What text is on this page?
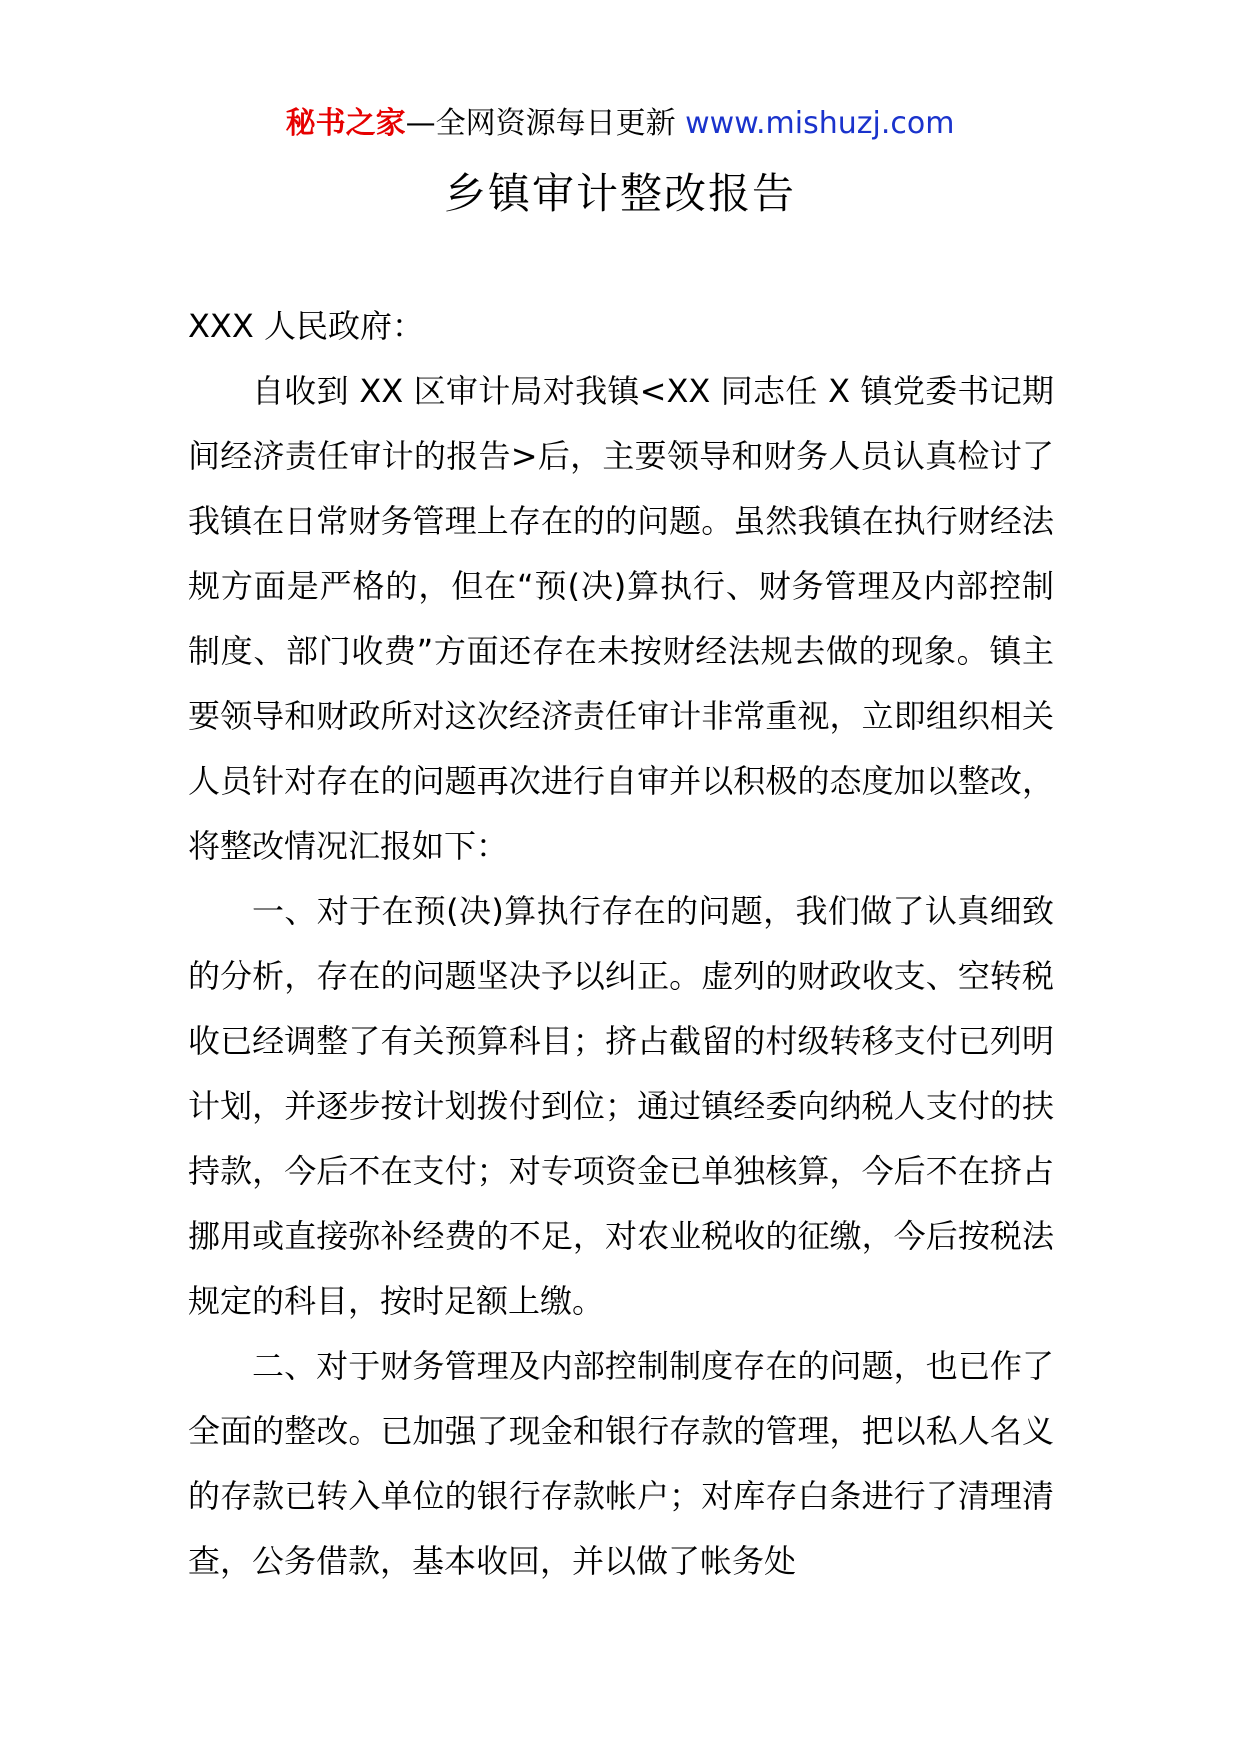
秘书之家—全网资源每日更新 www.mishuzj.com
乡镇审计整改报告

XXX 人民政府：

自收到 XX 区审计局对我镇<XX 同志任 X 镇党委书记期间经济责任审计的报告>后，主要领导和财务人员认真检讨了我镇在日常财务管理上存在的的问题。虽然我镇在执行财经法规方面是严格的，但在“预(决)算执行、财务管理及内部控制制度、部门收费”方面还存在未按财经法规去做的现象。镇主要领导和财政所对这次经济责任审计非常重视，立即组织相关人员针对存在的问题再次进行自审并以积极的态度加以整改，将整改情况汇报如下：

一、对于在预(决)算执行存在的问题，我们做了认真细致的分析，存在的问题坚决予以纠正。虚列的财政收支、空转税收已经调整了有关预算科目；挤占截留的村级转移支付已列明计划，并逐步按计划拨付到位；通过镇经委向纳税人支付的扶持款，今后不在支付；对专项资金已单独核算，今后不在挤占挪用或直接弥补经费的不足，对农业税收的征缴，今后按税法规定的科目，按时足额上缴。

二、对于财务管理及内部控制制度存在的问题，也已作了全面的整改。已加强了现金和银行存款的管理，把以私人名义的存款已转入单位的银行存款帐户；对库存白条进行了清理清查，公务借款，基本收回，并以做了帐务处
